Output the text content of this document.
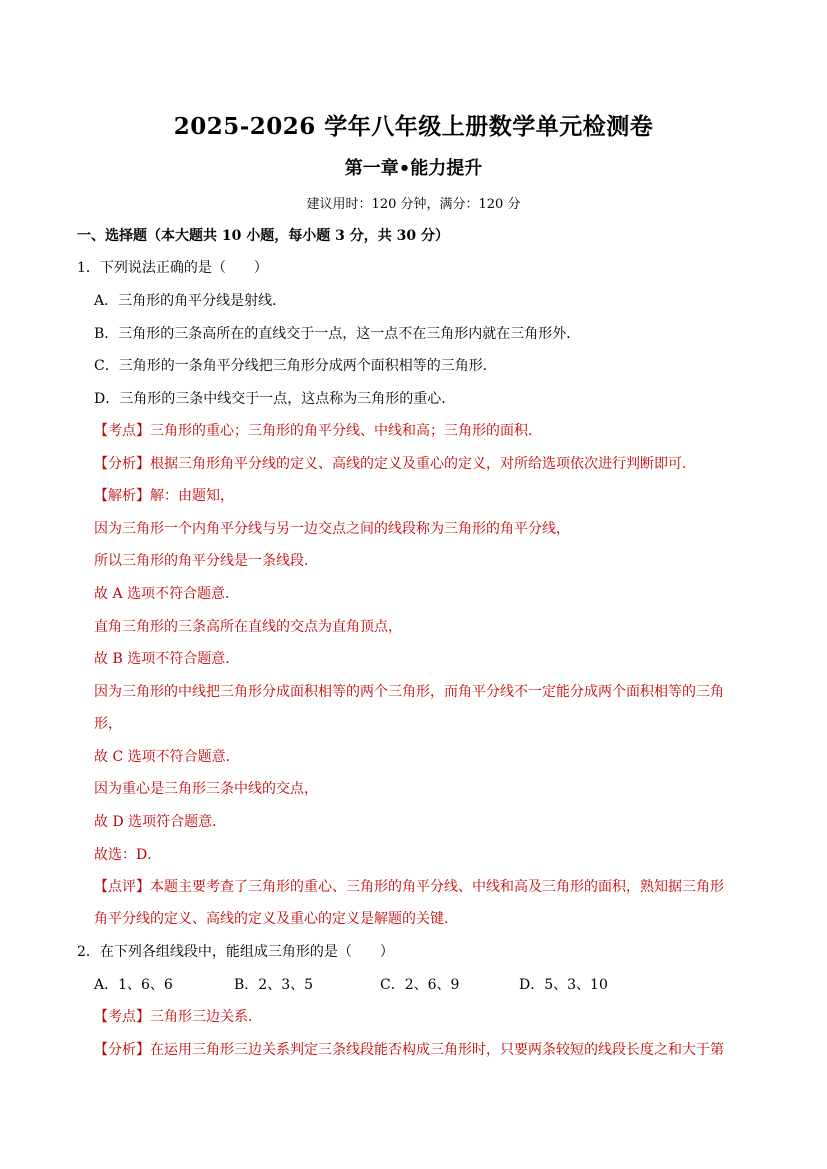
2025-2026 学年八年级上册数学单元检测卷
第一章•能力提升
建议用时：120 分钟，满分：120 分
一、选择题（本大题共 10 小题，每小题 3 分，共 30 分）
1．下列说法正确的是（　　）
A．三角形的角平分线是射线．
B．三角形的三条高所在的直线交于一点，这一点不在三角形内就在三角形外．
C．三角形的一条角平分线把三角形分成两个面积相等的三角形．
D．三角形的三条中线交于一点，这点称为三角形的重心．
【考点】三角形的重心；三角形的角平分线、中线和高；三角形的面积．
【分析】根据三角形角平分线的定义、高线的定义及重心的定义，对所给选项依次进行判断即可．
【解析】解：由题知，
因为三角形一个内角平分线与另一边交点之间的线段称为三角形的角平分线，
所以三角形的角平分线是一条线段．
故 A 选项不符合题意．
直角三角形的三条高所在直线的交点为直角顶点，
故 B 选项不符合题意．
因为三角形的中线把三角形分成面积相等的两个三角形，而角平分线不一定能分成两个面积相等的三角
形，
故 C 选项不符合题意．
因为重心是三角形三条中线的交点，
故 D 选项符合题意．
故选：D．
【点评】本题主要考查了三角形的重心、三角形的角平分线、中线和高及三角形的面积，熟知据三角形
角平分线的定义、高线的定义及重心的定义是解题的关键．
2．在下列各组线段中，能组成三角形的是（　　）
A．1、6、6	B．2、3、5	C．2、6、9	D．5、3、10
【考点】三角形三边关系．
【分析】在运用三角形三边关系判定三条线段能否构成三角形时，只要两条较短的线段长度之和大于第
